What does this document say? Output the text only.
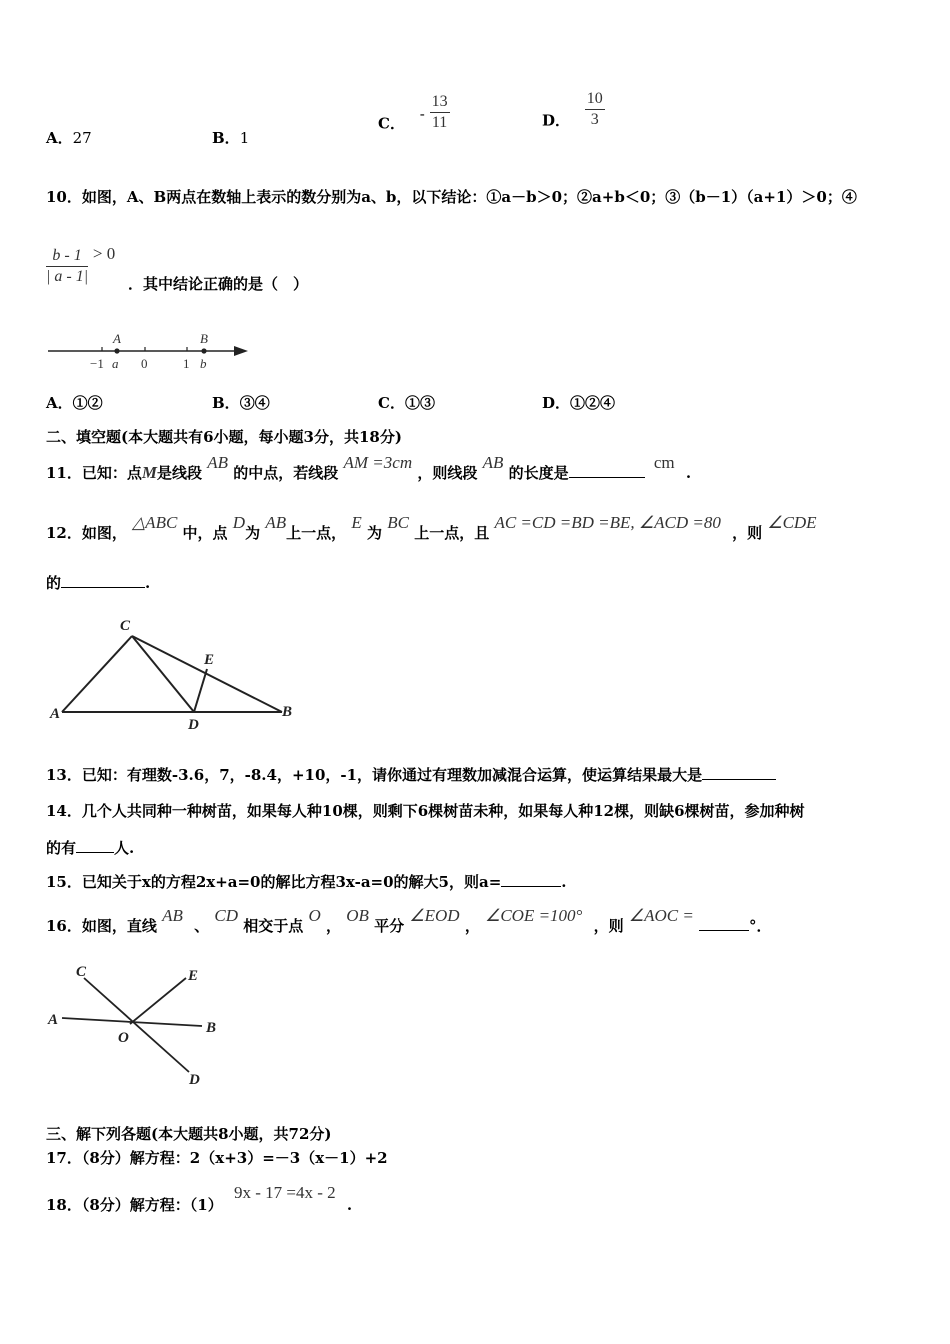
A．27	B．1
C． - $\frac{13}{11}$	D． $\frac{10}{3}$
10．如图，A、B两点在数轴上表示的数分别为a、b，以下结论：①a－b＞0；②a+b＜0；③（b－1）（a+1）＞0；④
$\frac{b - 1}{| a - 1|} > 0$
．其中结论正确的是（　）
A	B
−1 a 0	1 b
A．①②	B．③④	C．①③	D．①②④
二、填空题(本大题共有6小题，每小题3分，共18分)
11．已知：点M是线段 AB 的中点，若线段 AM =3cm ，则线段 AB 的长度是 cm .
12．如图， △ABC 中，点 D为 AB上一点， E 为 BC 上一点，且 AC =CD =BD =BE, ∠ACD =80 ，则 ∠CDE
的	.
C
A
E
D
B
13．已知：有理数-3.6，7，-8.4，+10，-1，请你通过有理数加减混合运算，使运算结果最大是
14．几个人共同种一种树苗，如果每人种10棵，则剩下6棵树苗未种，如果每人种12棵，则缺6棵树苗，参加种树
的有	人.
15．已知关于x的方程2x+a=0的解比方程3x-a=0的解大5，则a=	.
16．如图，直线 AB 、 CD 相交于点 O ， OB 平分 ∠EOD ， ∠COE =100° ，则 ∠AOC = °．
C	E
A	B
O
D
三、解下列各题(本大题共8小题，共72分)
17．（8分）解方程：2（x+3）=－3（x－1）+2
18．（8分）解方程：（1） 9x - 17 =4x - 2 .
